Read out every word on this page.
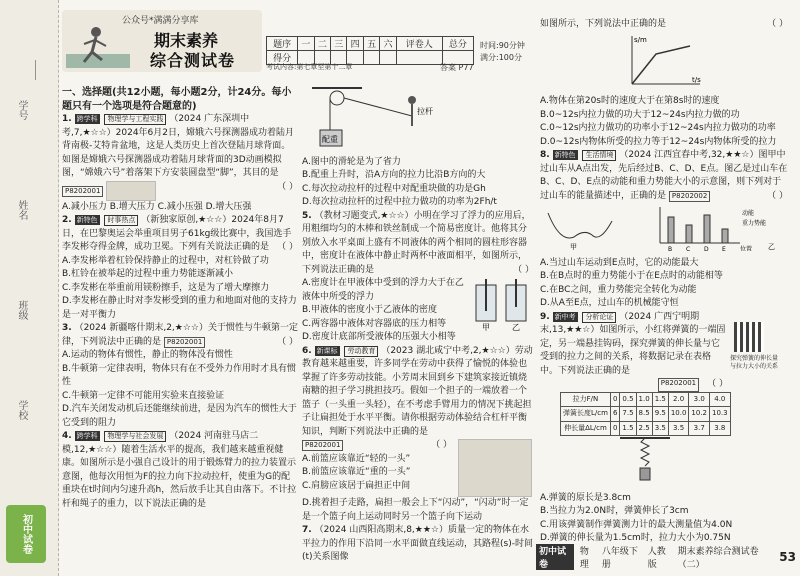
学号
姓名
班级
学校
初中试卷
公众号*满满分享库
期末素养
综合测试卷
题序	一	二	三	四	五	六	评卷人	总分
得分								
时间:90分钟
满分:100分
考试内容:第七章至第十二章	答案 P77

一、选择题(共12小题，每小题2分，计24分。每小题只有一个选项是符合题意的)

1. 跨学科 物理学与工程实践 （2024 广东深圳中考,7,★☆☆）2024年6月2日，嫦娥六号探测器成功着陆月背南极-艾特肯盆地，这是人类历史上首次登陆月球背面。如图是嫦娥六号探测器成功着陆月球背面的3D动画模拟图，“嫦娥六号”着落架下方安装圆盘型“脚”，其目的是

P8202001	（ ）

A.减小压力 B.增大压力 C.减小压强 D.增大压强

2. 新特色 时事热点 （新独家原创,★☆☆）2024年8月7日，在巴黎奥运会举重项目男子61kg级比赛中，我国选手李发彬夺得金牌，成功卫冕。下列有关说法正确的是 （ ）

A.李发彬举着杠铃保持静止的过程中，对杠铃做了功

B.杠铃在被举起的过程中重力势能逐渐减小

C.李发彬在举重前用镁粉擦手，这是为了增大摩擦力

D.李发彬在静止时对李发彬受到的重力和地面对他的支持力是一对平衡力

3. （2024 新疆喀什期末,2,★☆☆）关于惯性与牛顿第一定律，下列说法中正确的是 P8202001	（ ）

A.运动的物体有惯性，静止的物体没有惯性

B.牛顿第一定律表明，物体只有在不受外力作用时才具有惯性

C.牛顿第一定律不可能用实验来直接验证

D.汽车关闭发动机后还能继续前进，是因为汽车的惯性大于它受到的阻力

4. 跨学科 物理学与社会发展 （2024 河南驻马店二模,12,★☆☆）随着生活水平的提高，我们越来越重视健康。如图所示是小强自己设计的用于锻炼臂力的拉力装置示意图，他每次用恒为F的拉力向下拉动拉杆，使重为G的配重块在t时间内匀速升高h，然后放手让其自由落下。不计拉杆和绳子的重力，以下说法正确的是

配重
拉杆

A.图中的滑轮是为了省力

B.配重上升时，沿A方向的拉力比沿B方向的大

C.每次拉动拉杆的过程中对配重块做的功是Gh

D.每次拉动拉杆的过程中拉力做功的功率为2Fh/t

5. （教材习题变式,★☆☆）小明在学习了浮力的应用后，用粗细均匀的木棒和铁丝制成一个简易密度计。他将其分别放入水平桌面上盛有不同液体的两个相同的圆柱形容器中，密度计在液体中静止时两杯中液面相平，如图所示，下列说法正确的是	（ ）

A.密度计在甲液体中受到的浮力大于在乙液体中所受的浮力

B.甲液体的密度小于乙液体的密度

C.两容器中液体对容器底的压力相等

D.密度计底部所受液体的压强大小相等

甲	乙

6. 新课标 劳动教育 （2023 湖北咸宁中考,2,★☆☆）劳动教育越来越重要，许多同学在劳动中获得了愉悦的体验也掌握了许多劳动技能。小芳周末回到乡下建筑家接近镇烧南糖的担子学习挑担技巧。假如一个担子的一端放着一个篮子（一头重一头轻），在不考虑手臂用力的情况下挑起担子让扁担处于水平平衡。请你根据劳动体验结合杠杆平衡知识，判断下列说法中正确的是

P8202001	（ ）

A.前篮应该靠近“轻的一头”

B.前篮应该靠近“重的一头”

C.肩膀应该居于扁担正中间

D.挑着担子走路，扁担一般会上下“闪动”，“闪动”时一定是一个篮子向上运动同时另一个篮子向下运动

7. （2024 山西阳高期末,8,★★☆）质量一定的物体在水平拉力的作用下沿同一水平面做直线运动，其路程(s)-时间(t)关系图像

如图所示，下列说法中正确的是	（ ）

s/m
t/s

A.物体在第20s时的速度大于在第8s时的速度

B.0~12s内拉力做的功大于12~24s内拉力做的功

C.0~12s内拉力做功的功率小于12~24s内拉力做功的功率

D.0~12s内物体所受的拉力等于12~24s内物体所受的拉力

8. 新特色 生活情境 （2024 江西宜春中考,32,★★☆）图甲中过山车从A点出发，先后经过B、C、D、E点。图乙是过山车在B、C、D、E点的动能和重力势能大小的示意图，则下列对于过山车的能量描述中，正确的是 P8202002	（ ）

甲
动能
重力势能
B C D E 位置 乙

A.当过山车运动到E点时，它的动能最大

B.在B点时的重力势能小于在E点时的动能相等

C.在BC之间，重力势能完全转化为动能

D.从A至E点，过山车的机械能守恒

9. 新中考 分析论证 （2024 广西宁明期末,13,★★☆）如图所示，小红将弹簧的一端固定，另一端悬挂钩码，探究弹簧的伸长量与它受到的拉力之间的关系，将数据记录在表格中。下列说法正确的是

P8202001	（ ）
拉力F/N	0	0.5	1.0	1.5	2.0	3.0	4.0
弹簧长度L/cm	6	7.5	8.5	9.5	10.0	10.2	10.3
伸长量ΔL/cm	0	1.5	2.5	3.5	3.5	3.7	3.8

A.弹簧的原长是3.8cm

B.当拉力为2.0N时，弹簧伸长了3cm

C.用该弹簧制作弹簧测力计的最大测量值为4.0N

D.弹簧的伸长量为1.5cm时，拉力大小为0.75N

探究弹簧的伸长量与拉力大小的关系
初中试卷
物理
八年级下册
人教版
期末素养综合测试卷（二）
53
